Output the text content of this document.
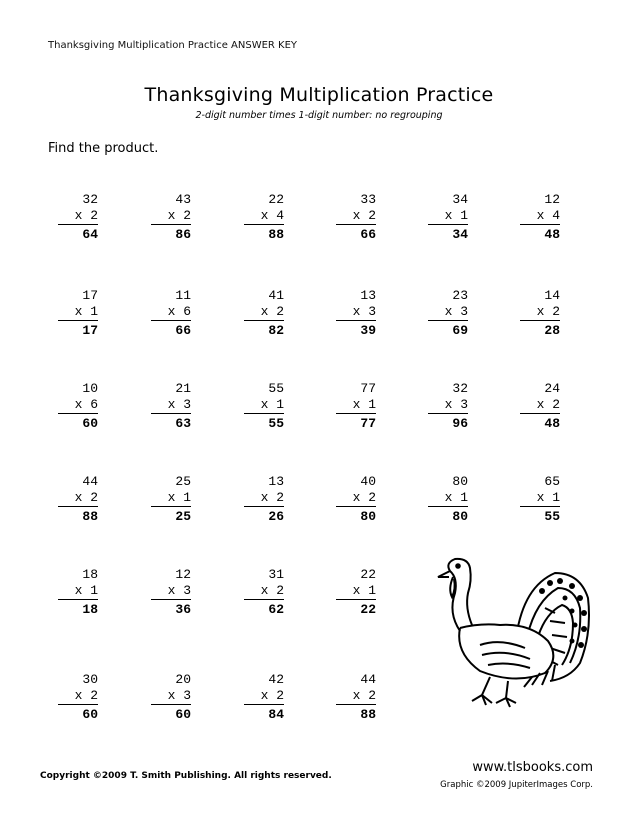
Thanksgiving Multiplication Practice ANSWER KEY
Thanksgiving Multiplication Practice
2-digit number times 1-digit number: no regrouping
Find the product.
32
x 2
64
43
x 2
86
22
x 4
88
33
x 2
66
34
x 1
34
12
x 4
48
17
x 1
17
11
x 6
66
41
x 2
82
13
x 3
39
23
x 3
69
14
x 2
28
10
x 6
60
21
x 3
63
55
x 1
55
77
x 1
77
32
x 3
96
24
x 2
48
44
x 2
88
25
x 1
25
13
x 2
26
40
x 2
80
80
x 1
80
65
x 1
55
18
x 1
18
12
x 3
36
31
x 2
62
22
x 1
22
30
x 2
60
20
x 3
60
42
x 2
84
44
x 2
88
Copyright ©2009 T. Smith Publishing. All rights reserved.
www.tlsbooks.com
Graphic ©2009 JupiterImages Corp.
